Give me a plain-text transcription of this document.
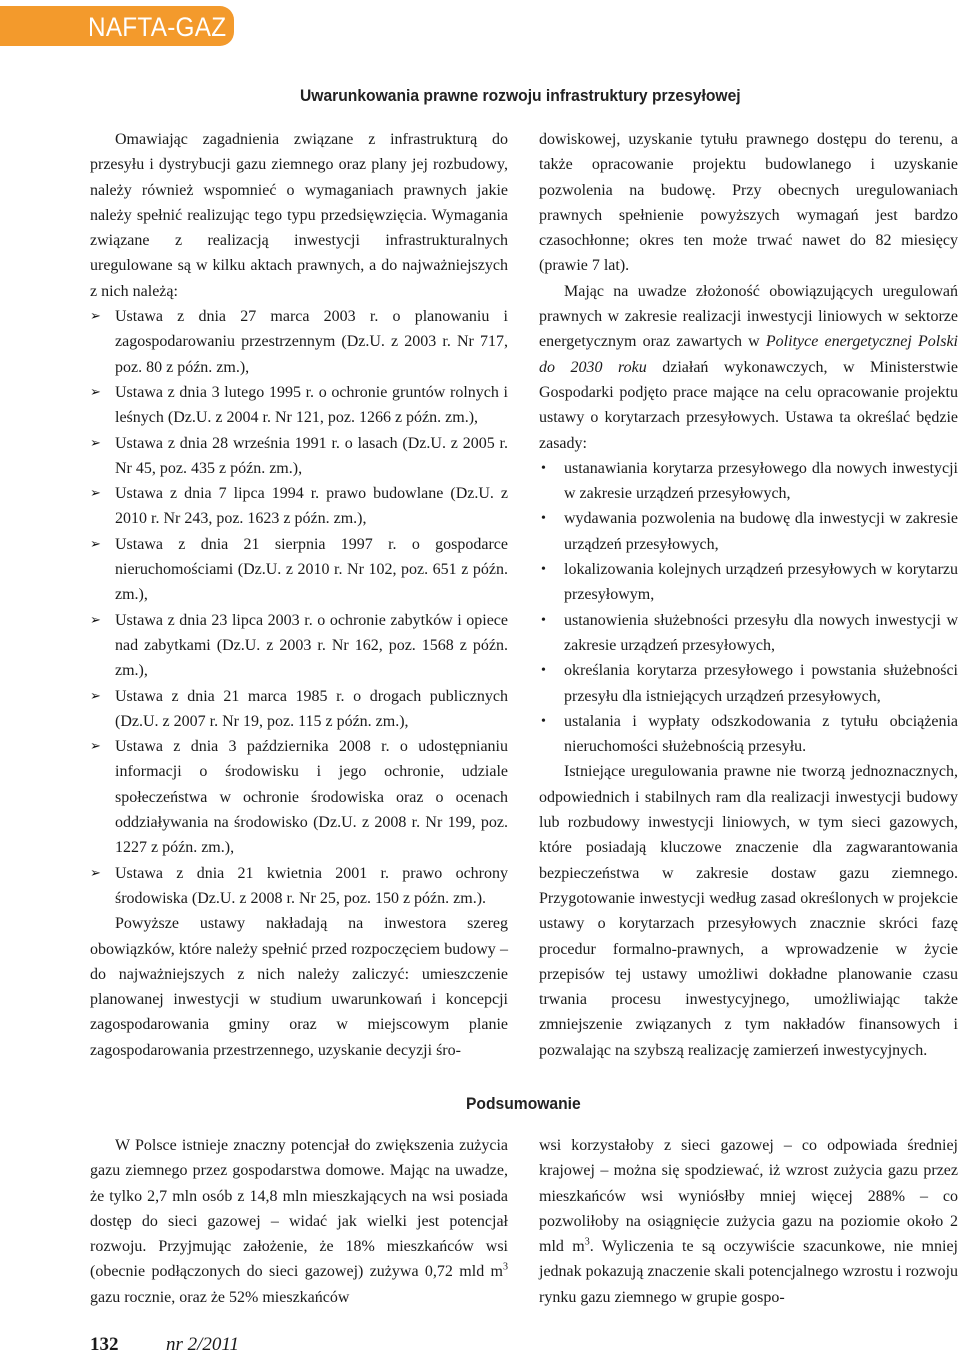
NAFTA-GAZ
Uwarunkowania prawne rozwoju infrastruktury przesyłowej

Omawiając zagadnienia związane z infrastrukturą do przesyłu i dystrybucji gazu ziemnego oraz plany jej rozbudowy, należy również wspomnieć o wymaganiach prawnych jakie należy spełnić realizując tego typu przedsięwzięcia. Wymagania związane z realizacją inwestycji infrastrukturalnych uregulowane są w kilku aktach prawnych, a do najważniejszych z nich należą:

➢ Ustawa z dnia 27 marca 2003 r. o planowaniu i zagospodarowaniu przestrzennym (Dz.U. z 2003 r. Nr 717, poz. 80 z późn. zm.),
➢ Ustawa z dnia 3 lutego 1995 r. o ochronie gruntów rolnych i leśnych (Dz.U. z 2004 r. Nr 121, poz. 1266 z późn. zm.),
➢ Ustawa z dnia 28 września 1991 r. o lasach (Dz.U. z 2005 r. Nr 45, poz. 435 z późn. zm.),
➢ Ustawa z dnia 7 lipca 1994 r. prawo budowlane (Dz.U. z 2010 r. Nr 243, poz. 1623 z późn. zm.),
➢ Ustawa z dnia 21 sierpnia 1997 r. o gospodarce nieruchomościami (Dz.U. z 2010 r. Nr 102, poz. 651 z późn. zm.),
➢ Ustawa z dnia 23 lipca 2003 r. o ochronie zabytków i opiece nad zabytkami (Dz.U. z 2003 r. Nr 162, poz. 1568 z późn. zm.),
➢ Ustawa z dnia 21 marca 1985 r. o drogach publicznych (Dz.U. z 2007 r. Nr 19, poz. 115 z późn. zm.),
➢ Ustawa z dnia 3 października 2008 r. o udostępnianiu informacji o środowisku i jego ochronie, udziale społeczeństwa w ochronie środowiska oraz o ocenach oddziaływania na środowisko (Dz.U. z 2008 r. Nr 199, poz. 1227 z późn. zm.),
➢ Ustawa z dnia 21 kwietnia 2001 r. prawo ochrony środowiska (Dz.U. z 2008 r. Nr 25, poz. 150 z późn. zm.).

Powyższe ustawy nakładają na inwestora szereg obowiązków, które należy spełnić przed rozpoczęciem budowy – do najważniejszych z nich należy zaliczyć: umieszczenie planowanej inwestycji w studium uwarunkowań i koncepcji zagospodarowania gminy oraz w miejscowym planie zagospodarowania przestrzennego, uzyskanie decyzji śro-

dowiskowej, uzyskanie tytułu prawnego dostępu do terenu, a także opracowanie projektu budowlanego i uzyskanie pozwolenia na budowę. Przy obecnych uregulowaniach prawnych spełnienie powyższych wymagań jest bardzo czasochłonne; okres ten może trwać nawet do 82 miesięcy (prawie 7 lat).

Mając na uwadze złożoność obowiązujących uregulowań prawnych w zakresie realizacji inwestycji liniowych w sektorze energetycznym oraz zawartych w Polityce energetycznej Polski do 2030 roku działań wykonawczych, w Ministerstwie Gospodarki podjęto prace mające na celu opracowanie projektu ustawy o korytarzach przesyłowych. Ustawa ta określać będzie zasady:

• ustanawiania korytarza przesyłowego dla nowych inwestycji w zakresie urządzeń przesyłowych,
• wydawania pozwolenia na budowę dla inwestycji w zakresie urządzeń przesyłowych,
• lokalizowania kolejnych urządzeń przesyłowych w korytarzu przesyłowym,
• ustanowienia służebności przesyłu dla nowych inwestycji w zakresie urządzeń przesyłowych,
• określania korytarza przesyłowego i powstania służebności przesyłu dla istniejących urządzeń przesyłowych,
• ustalania i wypłaty odszkodowania z tytułu obciążenia nieruchomości służebnością przesyłu.

Istniejące uregulowania prawne nie tworzą jednoznacznych, odpowiednich i stabilnych ram dla realizacji inwestycji budowy lub rozbudowy inwestycji liniowych, w tym sieci gazowych, które posiadają kluczowe znaczenie dla zagwarantowania bezpieczeństwa w zakresie dostaw gazu ziemnego. Przygotowanie inwestycji według zasad określonych w projekcie ustawy o korytarzach przesyłowych znacznie skróci fazę procedur formalno-prawnych, a wprowadzenie w życie przepisów tej ustawy umożliwi dokładne planowanie czasu trwania procesu inwestycyjnego, umożliwiając także zmniejszenie związanych z tym nakładów finansowych i pozwalając na szybszą realizację zamierzeń inwestycyjnych.

Podsumowanie

W Polsce istnieje znaczny potencjał do zwiększenia zużycia gazu ziemnego przez gospodarstwa domowe. Mając na uwadze, że tylko 2,7 mln osób z 14,8 mln mieszkających na wsi posiada dostęp do sieci gazowej – widać jak wielki jest potencjał rozwoju. Przyjmując założenie, że 18% mieszkańców wsi (obecnie podłączonych do sieci gazowej) zużywa 0,72 mld $m^3$ gazu rocznie, oraz że 52% mieszkańców

wsi korzystałoby z sieci gazowej – co odpowiada średniej krajowej – można się spodziewać, iż wzrost zużycia gazu przez mieszkańców wsi wyniósłby mniej więcej 288% – co pozwoliłoby na osiągnięcie zużycia gazu na poziomie około 2 mld $m^3$. Wyliczenia te są oczywiście szacunkowe, nie mniej jednak pokazują znaczenie skali potencjalnego wzrostu i rozwoju rynku gazu ziemnego w grupie gospo-

132	nr 2/2011
